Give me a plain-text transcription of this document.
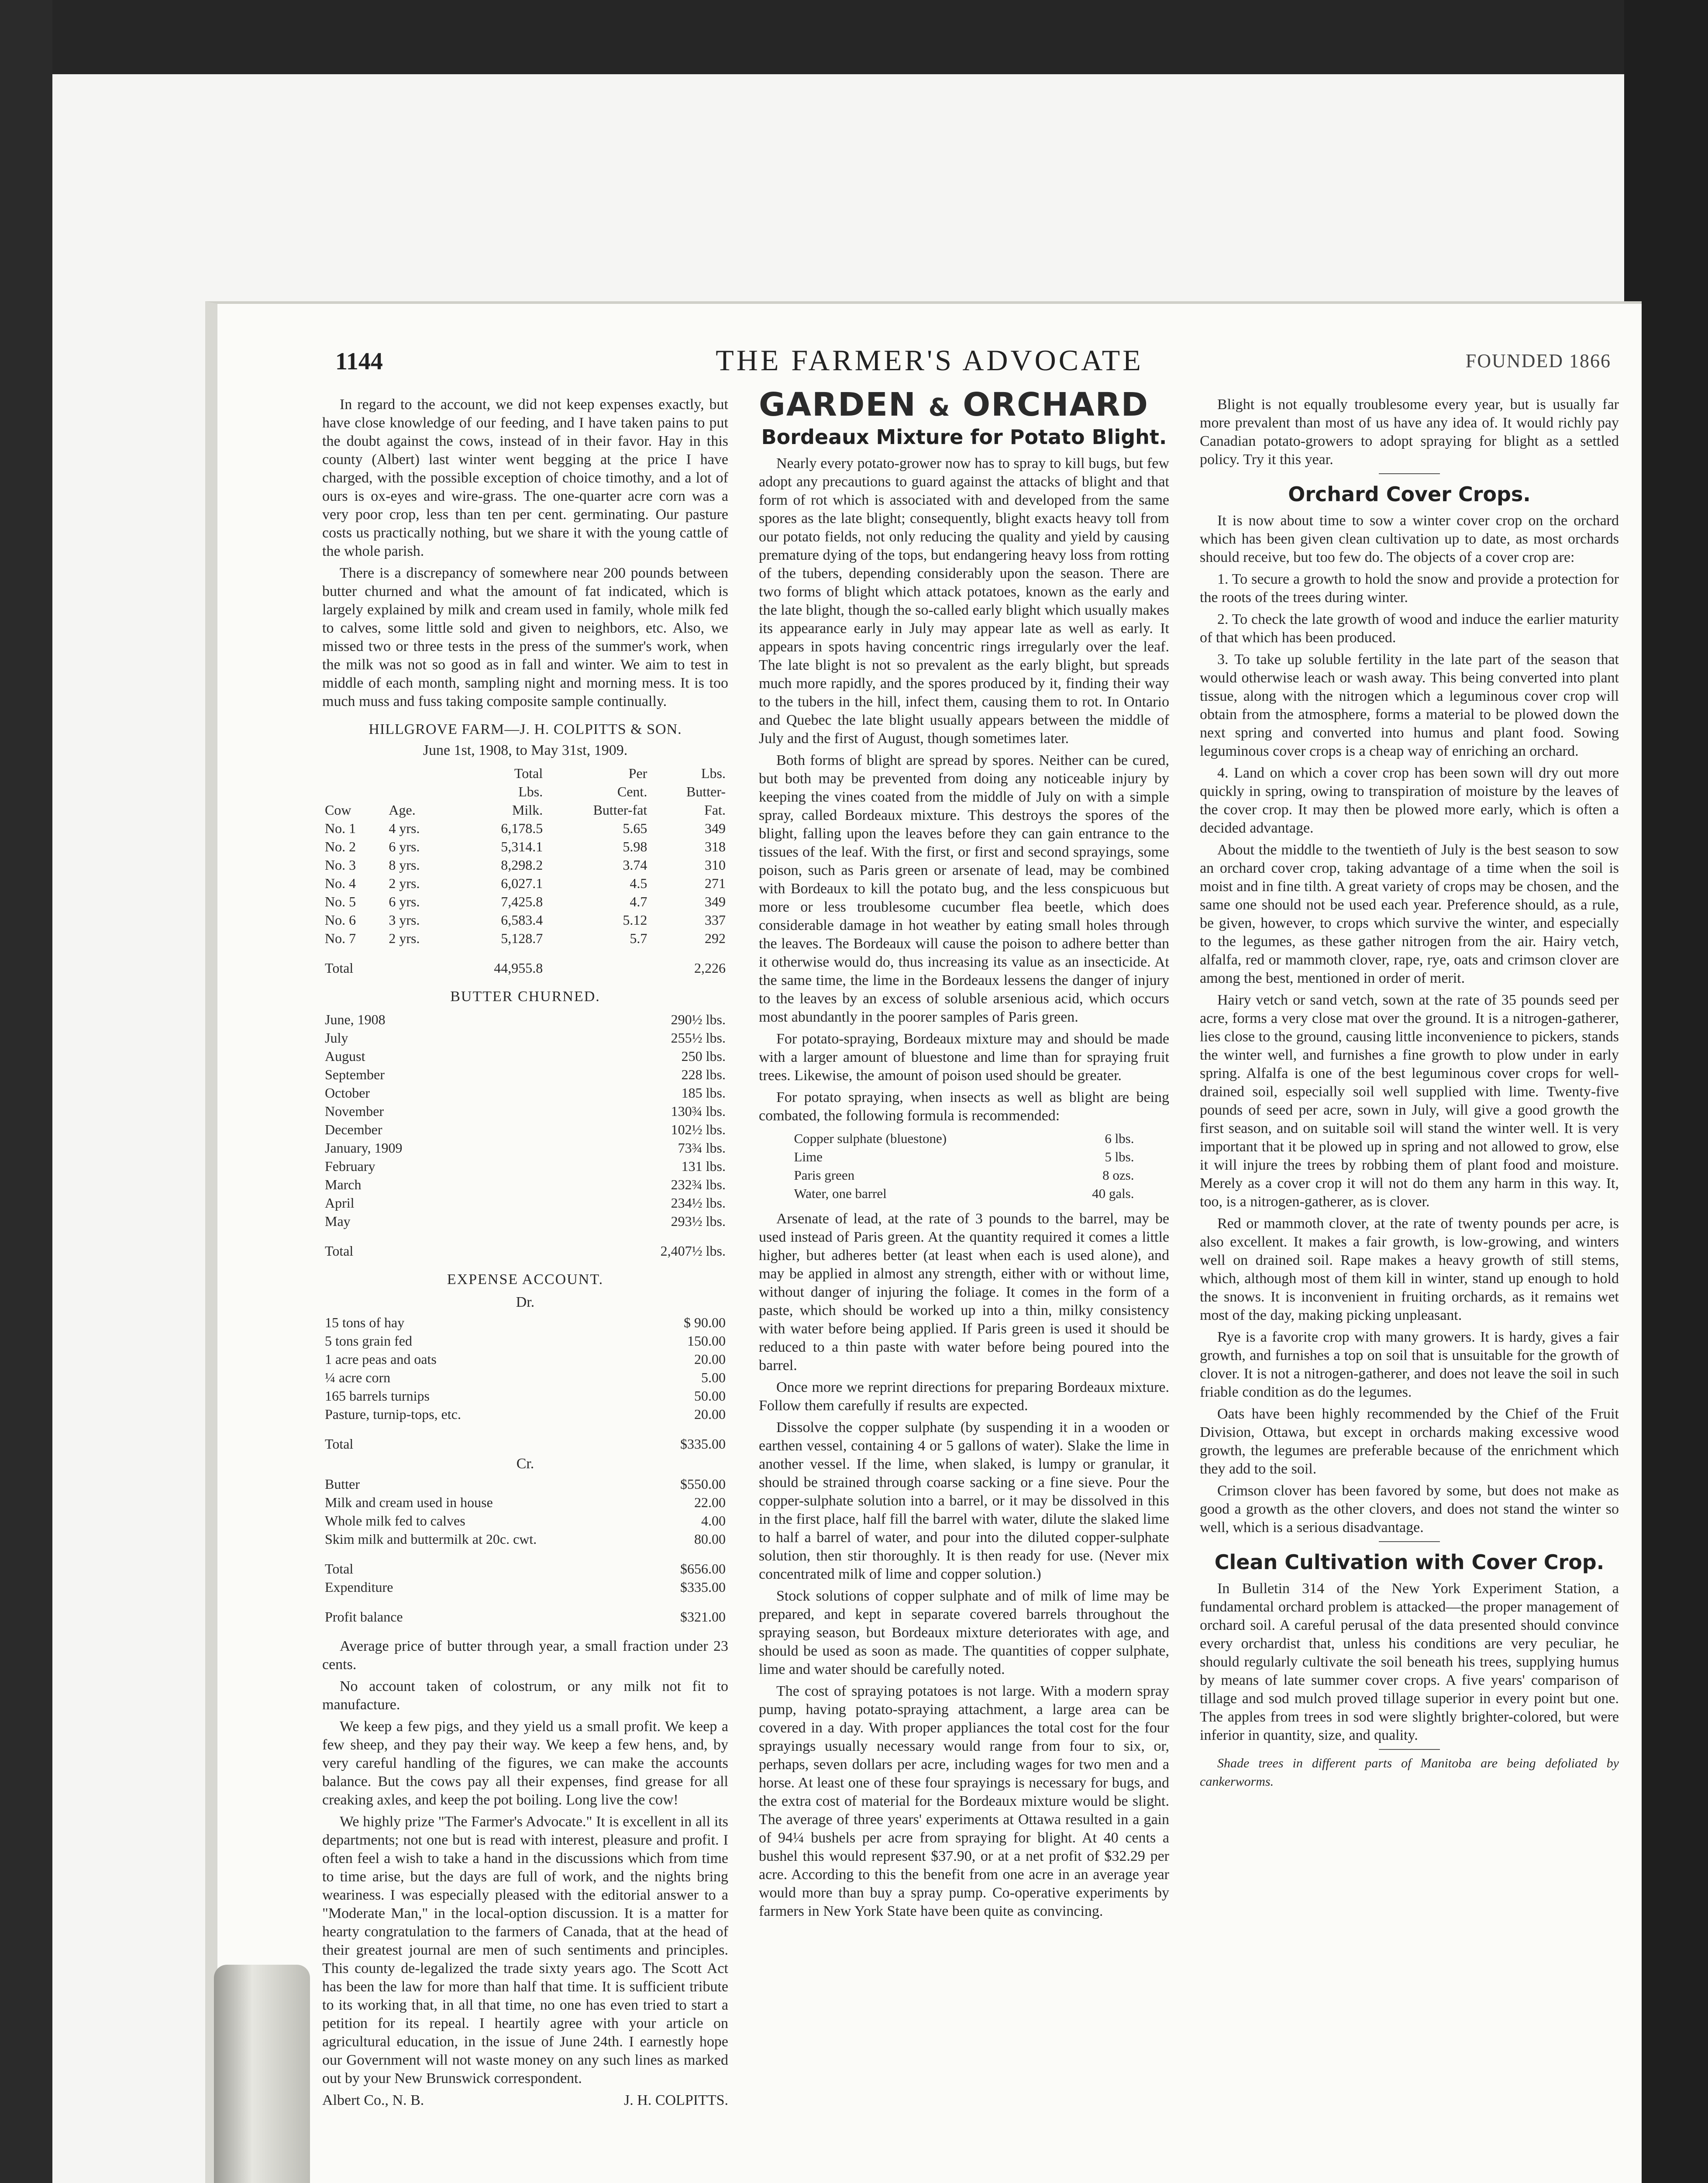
1144	THE FARMER'S ADVOCATE	FOUNDED 1866

In regard to the account, we did not keep expenses exactly, but have close knowledge of our feeding, and I have taken pains to put the doubt against the cows, instead of in their favor. Hay in this county (Albert) last winter went begging at the price I have charged, with the possible exception of choice timothy, and a lot of ours is ox-eyes and wire-grass. The one-quarter acre corn was a very poor crop, less than ten per cent. germinating. Our pasture costs us practically nothing, but we share it with the young cattle of the whole parish.

There is a discrepancy of somewhere near 200 pounds between butter churned and what the amount of fat indicated, which is largely explained by milk and cream used in family, whole milk fed to calves, some little sold and given to neighbors, etc. Also, we missed two or three tests in the press of the summer's work, when the milk was not so good as in fall and winter. We aim to test in middle of each month, sampling night and morning mess. It is too much muss and fuss taking composite sample continually.

HILLGROVE FARM—J. H. COLPITTS & SON.
June 1st, 1908, to May 31st, 1909.
		Total	Per	Lbs.
		Lbs.	Cent.	Butter-
Cow	Age.	Milk.	Butter-fat	Fat.
No. 1	4 yrs.	6,178.5	5.65	349
No. 2	6 yrs.	5,314.1	5.98	318
No. 3	8 yrs.	8,298.2	3.74	310
No. 4	2 yrs.	6,027.1	4.5	271
No. 5	6 yrs.	7,425.8	4.7	349
No. 6	3 yrs.	6,583.4	5.12	337
No. 7	2 yrs.	5,128.7	5.7	292
Total		44,955.8		2,226
BUTTER CHURNED.
June, 1908	290½ lbs.
July	255½ lbs.
August	250 lbs.
September	228 lbs.
October	185 lbs.
November	130¾ lbs.
December	102½ lbs.
January, 1909	73¾ lbs.
February	131 lbs.
March	232¾ lbs.
April	234½ lbs.
May	293½ lbs.
Total	2,407½ lbs.
EXPENSE ACCOUNT.
Dr.
15 tons of hay	$ 90.00
5 tons grain fed	150.00
1 acre peas and oats	20.00
¼ acre corn	5.00
165 barrels turnips	50.00
Pasture, turnip-tops, etc.	20.00
Total	$335.00
Cr.
Butter	$550.00
Milk and cream used in house	22.00
Whole milk fed to calves	4.00
Skim milk and buttermilk at 20c. cwt.	80.00
Total	$656.00
Expenditure	$335.00
Profit balance	$321.00

Average price of butter through year, a small fraction under 23 cents.

No account taken of colostrum, or any milk not fit to manufacture.

We keep a few pigs, and they yield us a small profit. We keep a few sheep, and they pay their way. We keep a few hens, and, by very careful handling of the figures, we can make the accounts balance. But the cows pay all their expenses, find grease for all creaking axles, and keep the pot boiling. Long live the cow!

We highly prize "The Farmer's Advocate." It is excellent in all its departments; not one but is read with interest, pleasure and profit. I often feel a wish to take a hand in the discussions which from time to time arise, but the days are full of work, and the nights bring weariness. I was especially pleased with the editorial answer to a "Moderate Man," in the local-option discussion. It is a matter for hearty congratulation to the farmers of Canada, that at the head of their greatest journal are men of such sentiments and principles. This county de-legalized the trade sixty years ago. The Scott Act has been the law for more than half that time. It is sufficient tribute to its working that, in all that time, no one has even tried to start a petition for its repeal. I heartily agree with your article on agricultural education, in the issue of June 24th. I earnestly hope our Government will not waste money on any such lines as marked out by your New Brunswick correspondent.

Albert Co., N. B.	J. H. COLPITTS.
GARDEN & ORCHARD
Bordeaux Mixture for Potato Blight.

Nearly every potato-grower now has to spray to kill bugs, but few adopt any precautions to guard against the attacks of blight and that form of rot which is associated with and developed from the same spores as the late blight; consequently, blight exacts heavy toll from our potato fields, not only reducing the quality and yield by causing premature dying of the tops, but endangering heavy loss from rotting of the tubers, depending considerably upon the season. There are two forms of blight which attack potatoes, known as the early and the late blight, though the so-called early blight which usually makes its appearance early in July may appear late as well as early. It appears in spots having concentric rings irregularly over the leaf. The late blight is not so prevalent as the early blight, but spreads much more rapidly, and the spores produced by it, finding their way to the tubers in the hill, infect them, causing them to rot. In Ontario and Quebec the late blight usually appears between the middle of July and the first of August, though sometimes later.

Both forms of blight are spread by spores. Neither can be cured, but both may be prevented from doing any noticeable injury by keeping the vines coated from the middle of July on with a simple spray, called Bordeaux mixture. This destroys the spores of the blight, falling upon the leaves before they can gain entrance to the tissues of the leaf. With the first, or first and second sprayings, some poison, such as Paris green or arsenate of lead, may be combined with Bordeaux to kill the potato bug, and the less conspicuous but more or less troublesome cucumber flea beetle, which does considerable damage in hot weather by eating small holes through the leaves. The Bordeaux will cause the poison to adhere better than it otherwise would do, thus increasing its value as an insecticide. At the same time, the lime in the Bordeaux lessens the danger of injury to the leaves by an excess of soluble arsenious acid, which occurs most abundantly in the poorer samples of Paris green.

For potato-spraying, Bordeaux mixture may and should be made with a larger amount of bluestone and lime than for spraying fruit trees. Likewise, the amount of poison used should be greater.

For potato spraying, when insects as well as blight are being combated, the following formula is recommended:

Copper sulphate (bluestone)	6 lbs.
Lime	5 lbs.
Paris green	8 ozs.
Water, one barrel	40 gals.

Arsenate of lead, at the rate of 3 pounds to the barrel, may be used instead of Paris green. At the quantity required it comes a little higher, but adheres better (at least when each is used alone), and may be applied in almost any strength, either with or without lime, without danger of injuring the foliage. It comes in the form of a paste, which should be worked up into a thin, milky consistency with water before being applied. If Paris green is used it should be reduced to a thin paste with water before being poured into the barrel.

Once more we reprint directions for preparing Bordeaux mixture. Follow them carefully if results are expected.

Dissolve the copper sulphate (by suspending it in a wooden or earthen vessel, containing 4 or 5 gallons of water). Slake the lime in another vessel. If the lime, when slaked, is lumpy or granular, it should be strained through coarse sacking or a fine sieve. Pour the copper-sulphate solution into a barrel, or it may be dissolved in this in the first place, half fill the barrel with water, dilute the slaked lime to half a barrel of water, and pour into the diluted copper-sulphate solution, then stir thoroughly. It is then ready for use. (Never mix concentrated milk of lime and copper solution.)

Stock solutions of copper sulphate and of milk of lime may be prepared, and kept in separate covered barrels throughout the spraying season, but Bordeaux mixture deteriorates with age, and should be used as soon as made. The quantities of copper sulphate, lime and water should be carefully noted.

The cost of spraying potatoes is not large. With a modern spray pump, having potato-spraying attachment, a large area can be covered in a day. With proper appliances the total cost for the four sprayings usually necessary would range from four to six, or, perhaps, seven dollars per acre, including wages for two men and a horse. At least one of these four sprayings is necessary for bugs, and the extra cost of material for the Bordeaux mixture would be slight. The average of three years' experiments at Ottawa resulted in a gain of 94¼ bushels per acre from spraying for blight. At 40 cents a bushel this would represent $37.90, or at a net profit of $32.29 per acre. According to this the benefit from one acre in an average year would more than buy a spray pump. Co-operative experiments by farmers in New York State have been quite as convincing.

Blight is not equally troublesome every year, but is usually far more prevalent than most of us have any idea of. It would richly pay Canadian potato-growers to adopt spraying for blight as a settled policy. Try it this year.

Orchard Cover Crops.

It is now about time to sow a winter cover crop on the orchard which has been given clean cultivation up to date, as most orchards should receive, but too few do. The objects of a cover crop are:

1. To secure a growth to hold the snow and provide a protection for the roots of the trees during winter.

2. To check the late growth of wood and induce the earlier maturity of that which has been produced.

3. To take up soluble fertility in the late part of the season that would otherwise leach or wash away. This being converted into plant tissue, along with the nitrogen which a leguminous cover crop will obtain from the atmosphere, forms a material to be plowed down the next spring and converted into humus and plant food. Sowing leguminous cover crops is a cheap way of enriching an orchard.

4. Land on which a cover crop has been sown will dry out more quickly in spring, owing to transpiration of moisture by the leaves of the cover crop. It may then be plowed more early, which is often a decided advantage.

About the middle to the twentieth of July is the best season to sow an orchard cover crop, taking advantage of a time when the soil is moist and in fine tilth. A great variety of crops may be chosen, and the same one should not be used each year. Preference should, as a rule, be given, however, to crops which survive the winter, and especially to the legumes, as these gather nitrogen from the air. Hairy vetch, alfalfa, red or mammoth clover, rape, rye, oats and crimson clover are among the best, mentioned in order of merit.

Hairy vetch or sand vetch, sown at the rate of 35 pounds seed per acre, forms a very close mat over the ground. It is a nitrogen-gatherer, lies close to the ground, causing little inconvenience to pickers, stands the winter well, and furnishes a fine growth to plow under in early spring. Alfalfa is one of the best leguminous cover crops for well-drained soil, especially soil well supplied with lime. Twenty-five pounds of seed per acre, sown in July, will give a good growth the first season, and on suitable soil will stand the winter well. It is very important that it be plowed up in spring and not allowed to grow, else it will injure the trees by robbing them of plant food and moisture. Merely as a cover crop it will not do them any harm in this way. It, too, is a nitrogen-gatherer, as is clover.

Red or mammoth clover, at the rate of twenty pounds per acre, is also excellent. It makes a fair growth, is low-growing, and winters well on drained soil. Rape makes a heavy growth of still stems, which, although most of them kill in winter, stand up enough to hold the snows. It is inconvenient in fruiting orchards, as it remains wet most of the day, making picking unpleasant.

Rye is a favorite crop with many growers. It is hardy, gives a fair growth, and furnishes a top on soil that is unsuitable for the growth of clover. It is not a nitrogen-gatherer, and does not leave the soil in such friable condition as do the legumes.

Oats have been highly recommended by the Chief of the Fruit Division, Ottawa, but except in orchards making excessive wood growth, the legumes are preferable because of the enrichment which they add to the soil.

Crimson clover has been favored by some, but does not make as good a growth as the other clovers, and does not stand the winter so well, which is a serious disadvantage.

Clean Cultivation with Cover Crop.

In Bulletin 314 of the New York Experiment Station, a fundamental orchard problem is attacked—the proper management of orchard soil. A careful perusal of the data presented should convince every orchardist that, unless his conditions are very peculiar, he should regularly cultivate the soil beneath his trees, supplying humus by means of late summer cover crops. A five years' comparison of tillage and sod mulch proved tillage superior in every point but one. The apples from trees in sod were slightly brighter-colored, but were inferior in quantity, size, and quality.

Shade trees in different parts of Manitoba are being defoliated by cankerworms.
